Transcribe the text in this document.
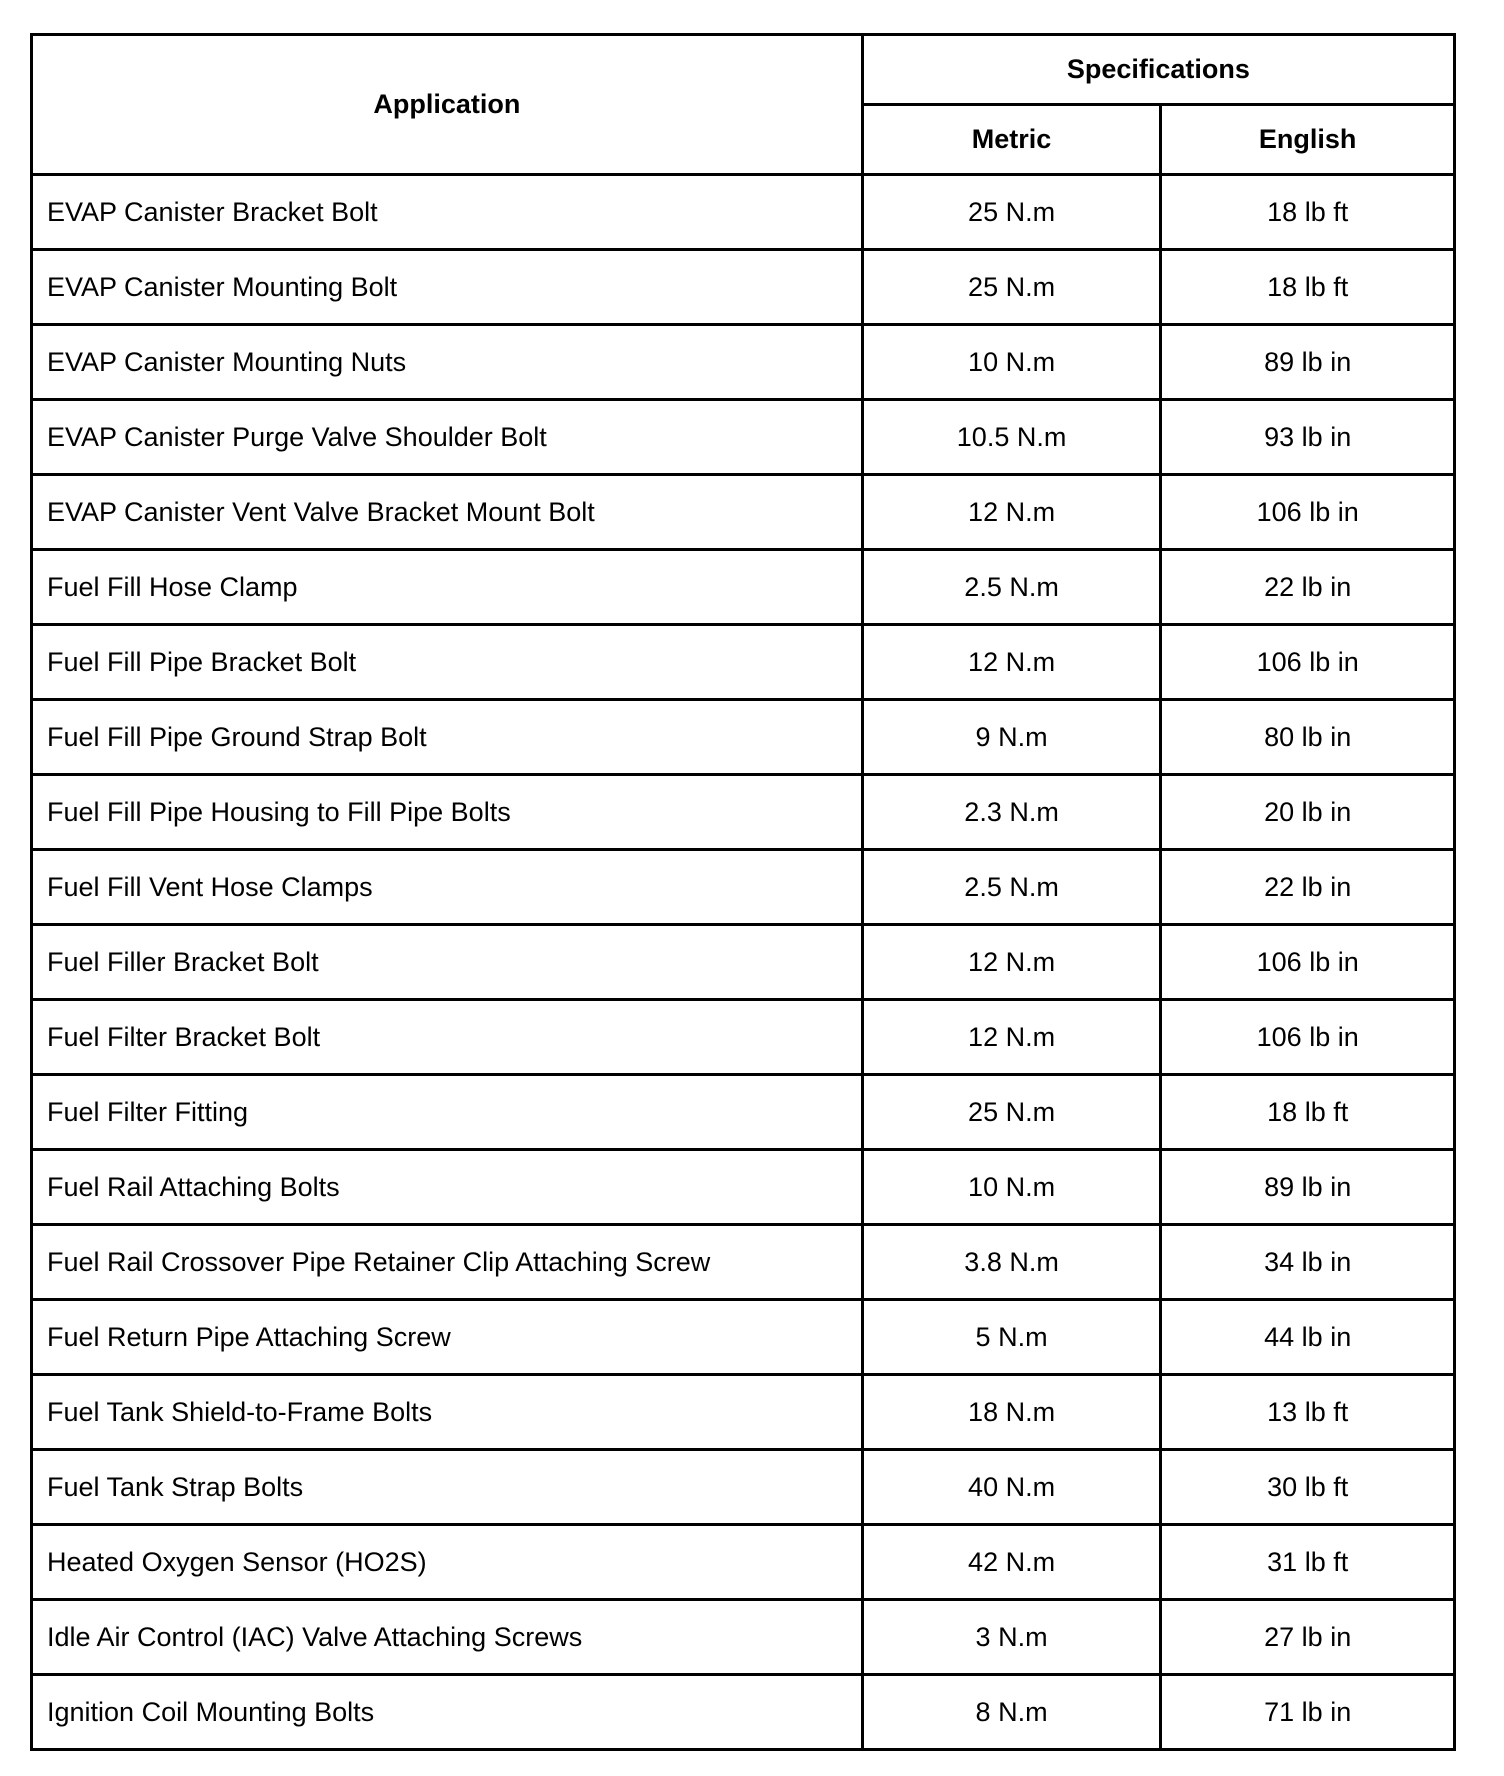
Application	Specifications	
	Metric	English
EVAP Canister Bracket Bolt	25 N.m	18 lb ft
EVAP Canister Mounting Bolt	25 N.m	18 lb ft
EVAP Canister Mounting Nuts	10 N.m	89 lb in
EVAP Canister Purge Valve Shoulder Bolt	10.5 N.m	93 lb in
EVAP Canister Vent Valve Bracket Mount Bolt	12 N.m	106 lb in
Fuel Fill Hose Clamp	2.5 N.m	22 lb in
Fuel Fill Pipe Bracket Bolt	12 N.m	106 lb in
Fuel Fill Pipe Ground Strap Bolt	9 N.m	80 lb in
Fuel Fill Pipe Housing to Fill Pipe Bolts	2.3 N.m	20 lb in
Fuel Fill Vent Hose Clamps	2.5 N.m	22 lb in
Fuel Filler Bracket Bolt	12 N.m	106 lb in
Fuel Filter Bracket Bolt	12 N.m	106 lb in
Fuel Filter Fitting	25 N.m	18 lb ft
Fuel Rail Attaching Bolts	10 N.m	89 lb in
Fuel Rail Crossover Pipe Retainer Clip Attaching Screw	3.8 N.m	34 lb in
Fuel Return Pipe Attaching Screw	5 N.m	44 lb in
Fuel Tank Shield-to-Frame Bolts	18 N.m	13 lb ft
Fuel Tank Strap Bolts	40 N.m	30 lb ft
Heated Oxygen Sensor (HO2S)	42 N.m	31 lb ft
Idle Air Control (IAC) Valve Attaching Screws	3 N.m	27 lb in
Ignition Coil Mounting Bolts	8 N.m	71 lb in
